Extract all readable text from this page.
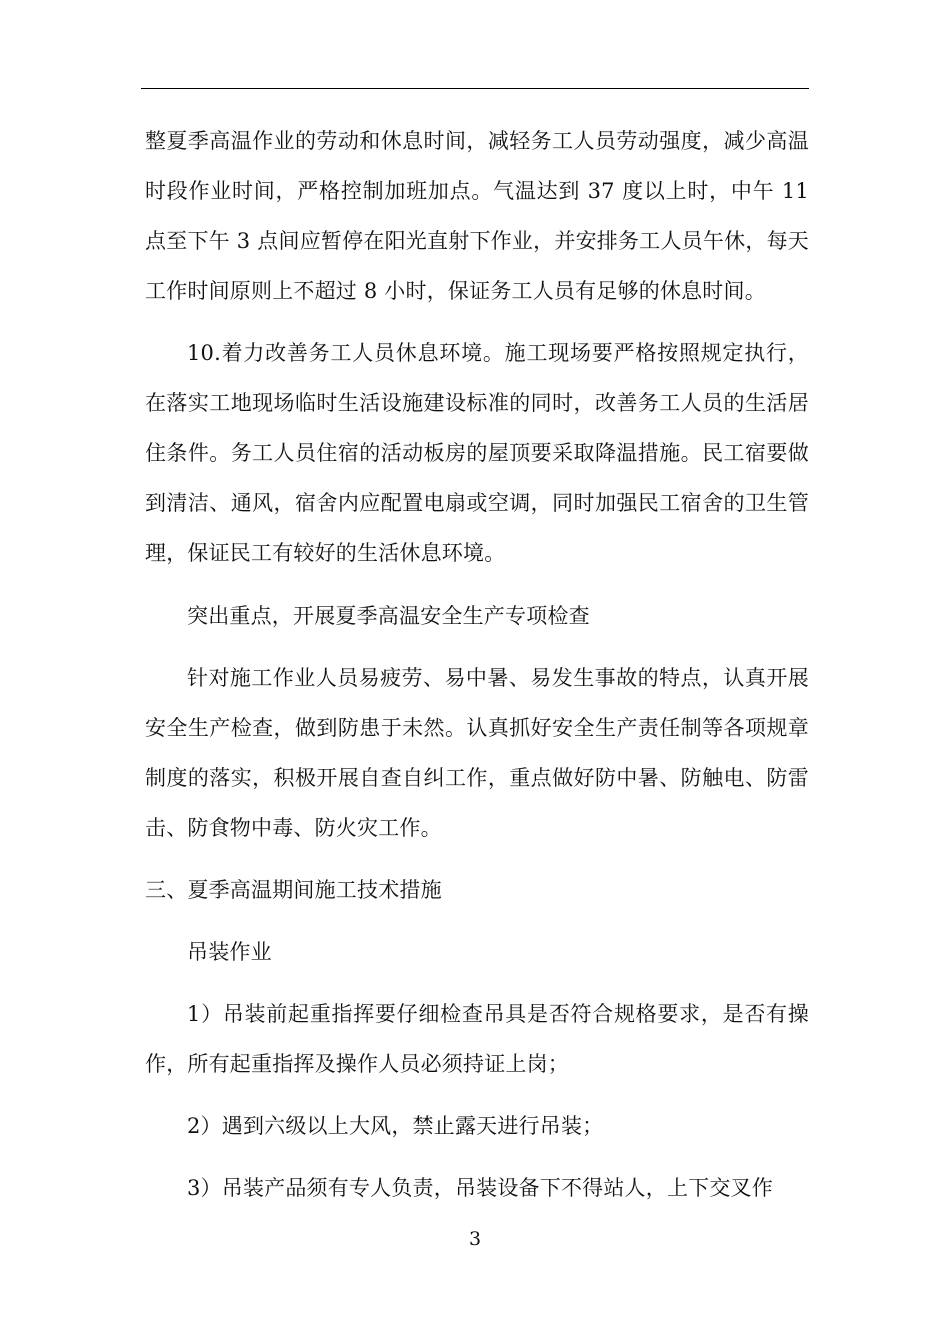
整夏季高温作业的劳动和休息时间，减轻务工人员劳动强度，减少高温时段作业时间，严格控制加班加点。气温达到 37 度以上时，中午 11 点至下午 3 点间应暂停在阳光直射下作业，并安排务工人员午休，每天工作时间原则上不超过 8 小时，保证务工人员有足够的休息时间。

10.着力改善务工人员休息环境。施工现场要严格按照规定执行，在落实工地现场临时生活设施建设标准的同时，改善务工人员的生活居住条件。务工人员住宿的活动板房的屋顶要采取降温措施。民工宿要做到清洁、通风，宿舍内应配置电扇或空调，同时加强民工宿舍的卫生管理，保证民工有较好的生活休息环境。

突出重点，开展夏季高温安全生产专项检查

针对施工作业人员易疲劳、易中暑、易发生事故的特点，认真开展安全生产检查，做到防患于未然。认真抓好安全生产责任制等各项规章制度的落实，积极开展自查自纠工作，重点做好防中暑、防触电、防雷击、防食物中毒、防火灾工作。

三、夏季高温期间施工技术措施

吊装作业

1）吊装前起重指挥要仔细检查吊具是否符合规格要求，是否有操作，所有起重指挥及操作人员必须持证上岗；

2）遇到六级以上大风，禁止露天进行吊装；

3）吊装产品须有专人负责，吊装设备下不得站人，上下交叉作

3
